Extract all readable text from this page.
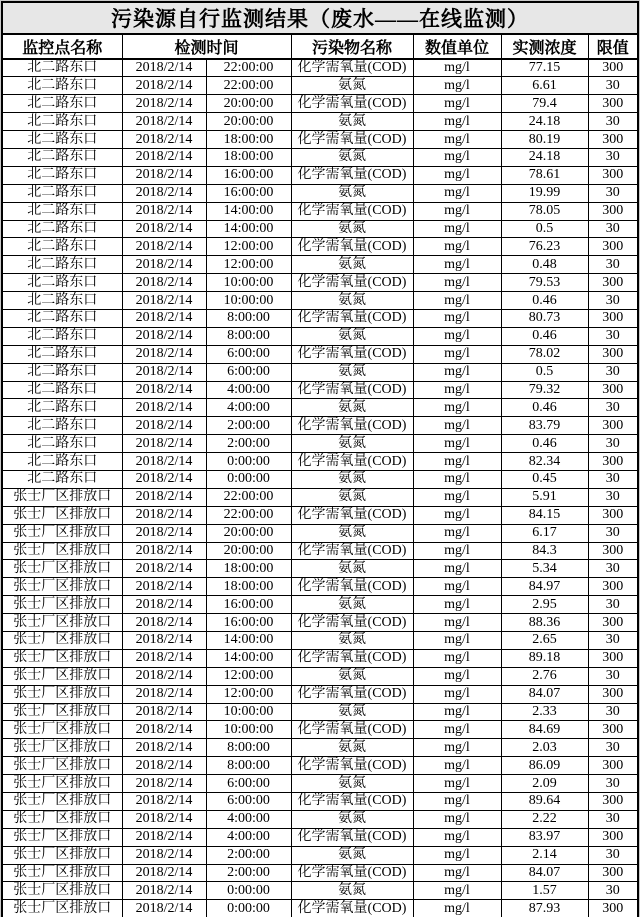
污染源自行监测结果（废水——在线监测）						
监控点名称	检测时间		污染物名称	数值单位	实测浓度	限值
北二路东口	2018/2/14	22:00:00	化学需氧量(COD)	mg/l	77.15	300
北二路东口	2018/2/14	22:00:00	氨氮	mg/l	6.61	30
北二路东口	2018/2/14	20:00:00	化学需氧量(COD)	mg/l	79.4	300
北二路东口	2018/2/14	20:00:00	氨氮	mg/l	24.18	30
北二路东口	2018/2/14	18:00:00	化学需氧量(COD)	mg/l	80.19	300
北二路东口	2018/2/14	18:00:00	氨氮	mg/l	24.18	30
北二路东口	2018/2/14	16:00:00	化学需氧量(COD)	mg/l	78.61	300
北二路东口	2018/2/14	16:00:00	氨氮	mg/l	19.99	30
北二路东口	2018/2/14	14:00:00	化学需氧量(COD)	mg/l	78.05	300
北二路东口	2018/2/14	14:00:00	氨氮	mg/l	0.5	30
北二路东口	2018/2/14	12:00:00	化学需氧量(COD)	mg/l	76.23	300
北二路东口	2018/2/14	12:00:00	氨氮	mg/l	0.48	30
北二路东口	2018/2/14	10:00:00	化学需氧量(COD)	mg/l	79.53	300
北二路东口	2018/2/14	10:00:00	氨氮	mg/l	0.46	30
北二路东口	2018/2/14	8:00:00	化学需氧量(COD)	mg/l	80.73	300
北二路东口	2018/2/14	8:00:00	氨氮	mg/l	0.46	30
北二路东口	2018/2/14	6:00:00	化学需氧量(COD)	mg/l	78.02	300
北二路东口	2018/2/14	6:00:00	氨氮	mg/l	0.5	30
北二路东口	2018/2/14	4:00:00	化学需氧量(COD)	mg/l	79.32	300
北二路东口	2018/2/14	4:00:00	氨氮	mg/l	0.46	30
北二路东口	2018/2/14	2:00:00	化学需氧量(COD)	mg/l	83.79	300
北二路东口	2018/2/14	2:00:00	氨氮	mg/l	0.46	30
北二路东口	2018/2/14	0:00:00	化学需氧量(COD)	mg/l	82.34	300
北二路东口	2018/2/14	0:00:00	氨氮	mg/l	0.45	30
张士厂区排放口	2018/2/14	22:00:00	氨氮	mg/l	5.91	30
张士厂区排放口	2018/2/14	22:00:00	化学需氧量(COD)	mg/l	84.15	300
张士厂区排放口	2018/2/14	20:00:00	氨氮	mg/l	6.17	30
张士厂区排放口	2018/2/14	20:00:00	化学需氧量(COD)	mg/l	84.3	300
张士厂区排放口	2018/2/14	18:00:00	氨氮	mg/l	5.34	30
张士厂区排放口	2018/2/14	18:00:00	化学需氧量(COD)	mg/l	84.97	300
张士厂区排放口	2018/2/14	16:00:00	氨氮	mg/l	2.95	30
张士厂区排放口	2018/2/14	16:00:00	化学需氧量(COD)	mg/l	88.36	300
张士厂区排放口	2018/2/14	14:00:00	氨氮	mg/l	2.65	30
张士厂区排放口	2018/2/14	14:00:00	化学需氧量(COD)	mg/l	89.18	300
张士厂区排放口	2018/2/14	12:00:00	氨氮	mg/l	2.76	30
张士厂区排放口	2018/2/14	12:00:00	化学需氧量(COD)	mg/l	84.07	300
张士厂区排放口	2018/2/14	10:00:00	氨氮	mg/l	2.33	30
张士厂区排放口	2018/2/14	10:00:00	化学需氧量(COD)	mg/l	84.69	300
张士厂区排放口	2018/2/14	8:00:00	氨氮	mg/l	2.03	30
张士厂区排放口	2018/2/14	8:00:00	化学需氧量(COD)	mg/l	86.09	300
张士厂区排放口	2018/2/14	6:00:00	氨氮	mg/l	2.09	30
张士厂区排放口	2018/2/14	6:00:00	化学需氧量(COD)	mg/l	89.64	300
张士厂区排放口	2018/2/14	4:00:00	氨氮	mg/l	2.22	30
张士厂区排放口	2018/2/14	4:00:00	化学需氧量(COD)	mg/l	83.97	300
张士厂区排放口	2018/2/14	2:00:00	氨氮	mg/l	2.14	30
张士厂区排放口	2018/2/14	2:00:00	化学需氧量(COD)	mg/l	84.07	300
张士厂区排放口	2018/2/14	0:00:00	氨氮	mg/l	1.57	30
张士厂区排放口	2018/2/14	0:00:00	化学需氧量(COD)	mg/l	87.93	300
